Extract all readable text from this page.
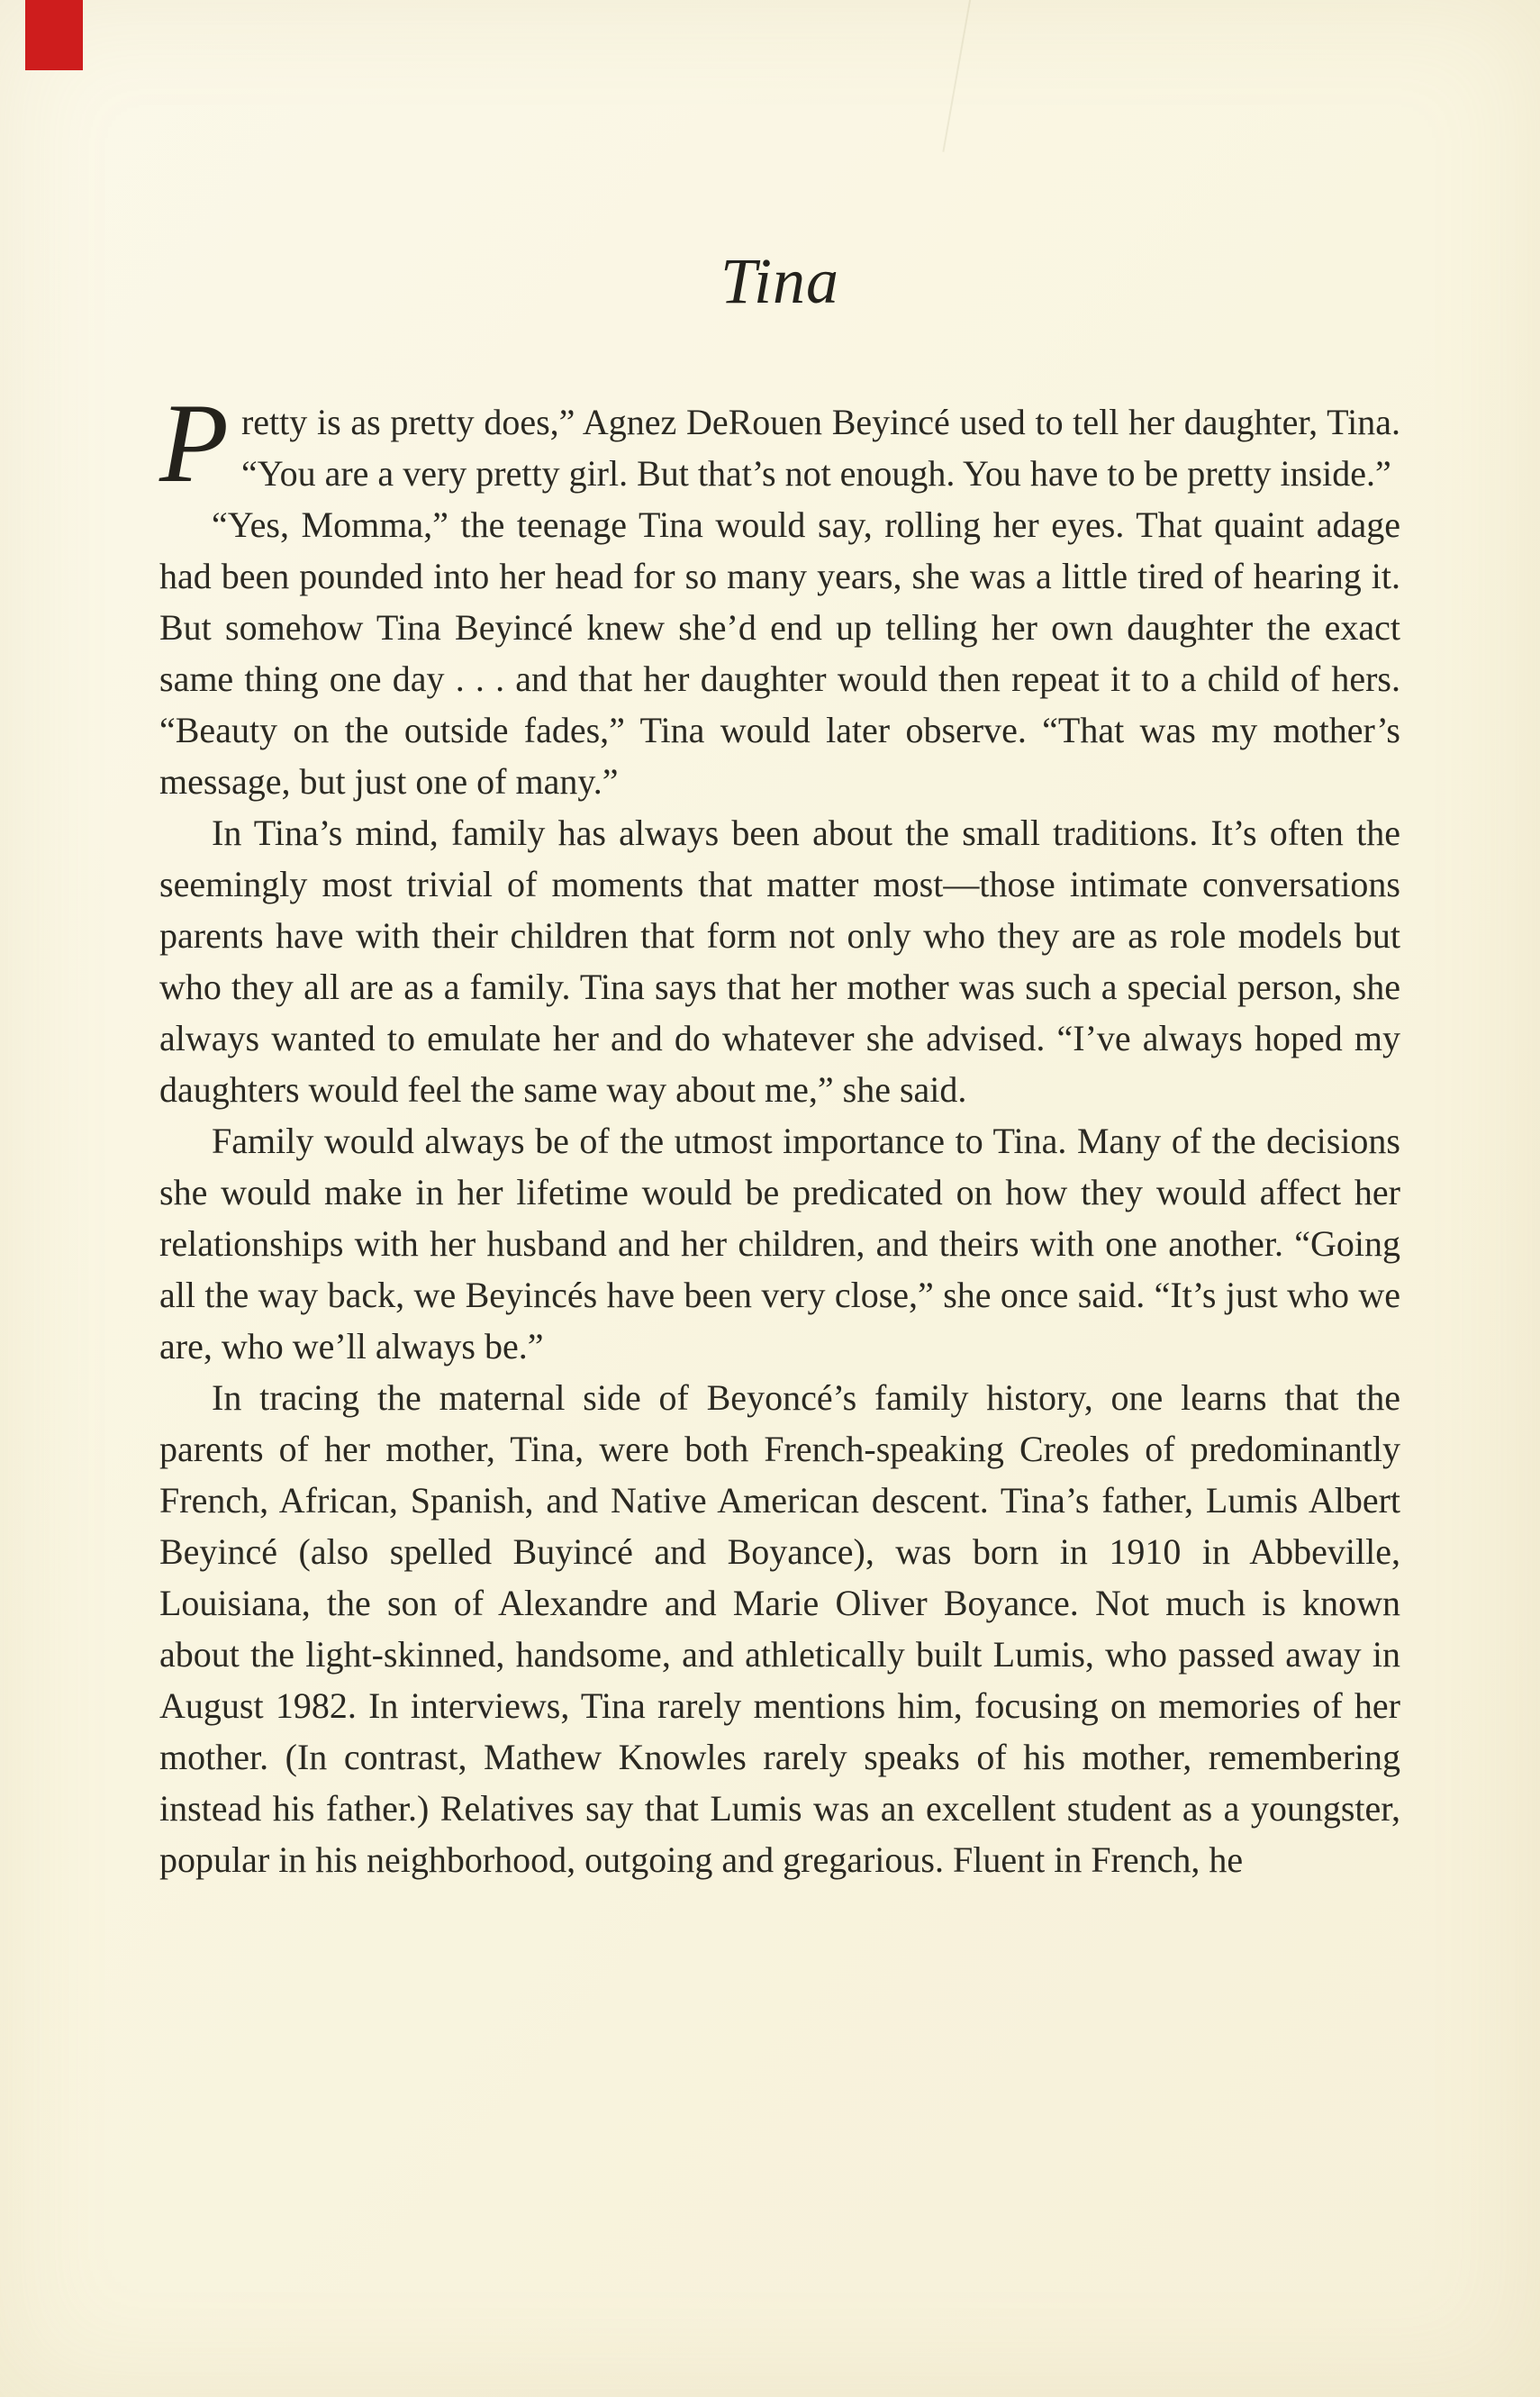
Tina

Pretty is as pretty does,” Agnez DeRouen Beyincé used to tell her daughter, Tina. “You are a very pretty girl. But that’s not enough. You have to be pretty inside.”

“Yes, Momma,” the teenage Tina would say, rolling her eyes. That quaint adage had been pounded into her head for so many years, she was a little tired of hearing it. But somehow Tina Beyincé knew she’d end up telling her own daughter the exact same thing one day . . . and that her daughter would then repeat it to a child of hers. “Beauty on the outside fades,” Tina would later observe. “That was my mother’s message, but just one of many.”

In Tina’s mind, family has always been about the small traditions. It’s often the seemingly most trivial of moments that matter most—those intimate conversations parents have with their children that form not only who they are as role models but who they all are as a family. Tina says that her mother was such a special person, she always wanted to emulate her and do whatever she advised. “I’ve always hoped my daughters would feel the same way about me,” she said.

Family would always be of the utmost importance to Tina. Many of the decisions she would make in her lifetime would be predicated on how they would affect her relationships with her husband and her children, and theirs with one another. “Going all the way back, we Beyincés have been very close,” she once said. “It’s just who we are, who we’ll always be.”

In tracing the maternal side of Beyoncé’s family history, one learns that the parents of her mother, Tina, were both French-speaking Creoles of predominantly French, African, Spanish, and Native American descent. Tina’s father, Lumis Albert Beyincé (also spelled Buyincé and Boyance), was born in 1910 in Abbeville, Louisiana, the son of Alexandre and Marie Oliver Boyance. Not much is known about the light-skinned, handsome, and athletically built Lumis, who passed away in August 1982. In interviews, Tina rarely mentions him, focusing on memories of her mother. (In contrast, Mathew Knowles rarely speaks of his mother, remembering instead his father.) Relatives say that Lumis was an excellent student as a youngster, popular in his neighborhood, outgoing and gregarious. Fluent in French, he
